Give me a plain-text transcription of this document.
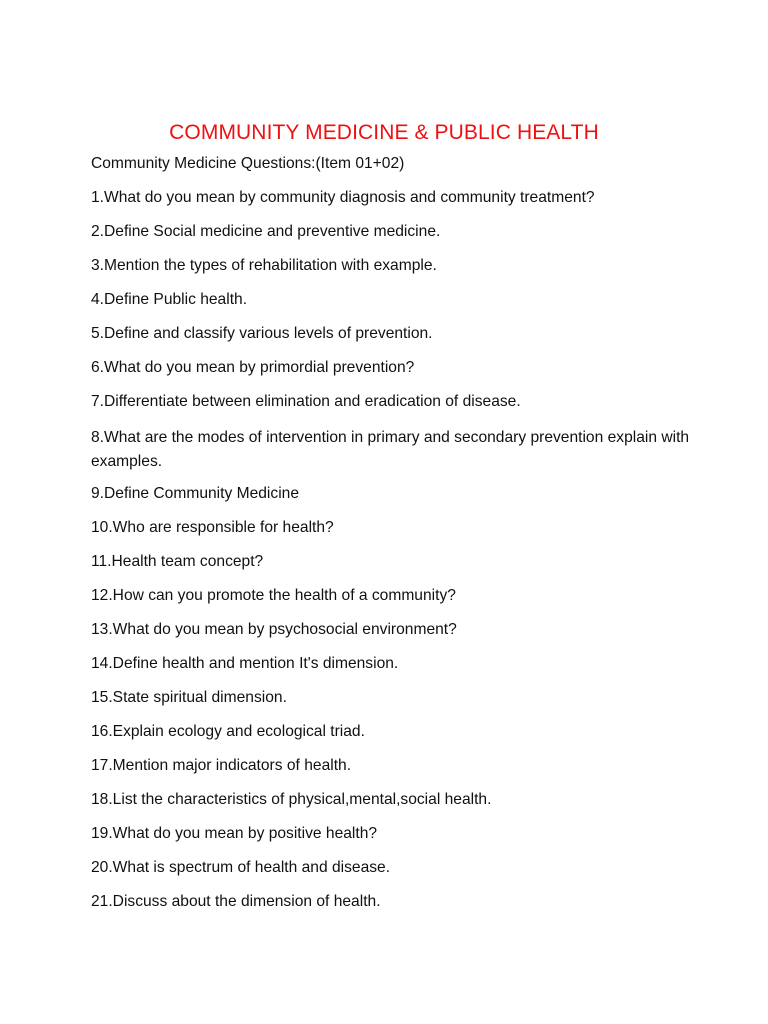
COMMUNITY MEDICINE & PUBLIC HEALTH
Community Medicine Questions:(Item 01+02)
1.What do you mean by community diagnosis and community treatment?
2.Define Social medicine and preventive medicine.
3.Mention the types of rehabilitation with example.
4.Define Public health.
5.Define and classify various levels of prevention.
6.What do you mean by primordial prevention?
7.Differentiate between elimination and eradication of disease.
8.What are the modes of intervention in primary and secondary prevention explain with examples.
9.Define Community Medicine
10.Who are responsible for health?
11.Health team concept?
12.How can you promote the health of a community?
13.What do you mean by psychosocial environment?
14.Define health and mention It's dimension.
15.State spiritual dimension.
16.Explain ecology and ecological triad.
17.Mention major indicators of health.
18.List the characteristics of physical,mental,social health.
19.What do you mean by positive health?
20.What is spectrum of health and disease.
21.Discuss about the dimension of health.
